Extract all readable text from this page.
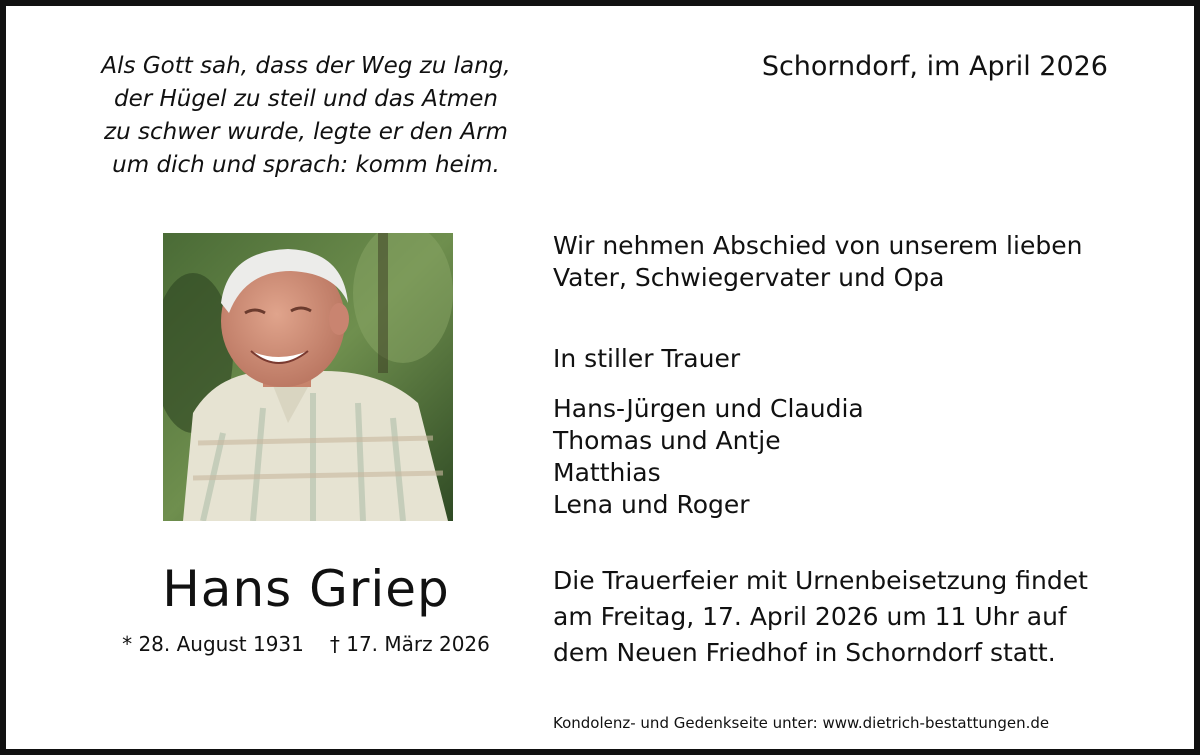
Als Gott sah, dass der Weg zu lang,
der Hügel zu steil und das Atmen
zu schwer wurde, legte er den Arm
um dich und sprach: komm heim.
Schorndorf, im April 2026
Hans Griep
* 28. August 1931 † 17. März 2026
Wir nehmen Abschied von unserem lieben
Vater, Schwiegervater und Opa
In stiller Trauer
Hans-Jürgen und Claudia
Thomas und Antje
Matthias
Lena und Roger
Die Trauerfeier mit Urnenbeisetzung findet
am Freitag, 17. April 2026 um 11 Uhr auf
dem Neuen Friedhof in Schorndorf statt.
Kondolenz- und Gedenkseite unter: www.dietrich-bestattungen.de
